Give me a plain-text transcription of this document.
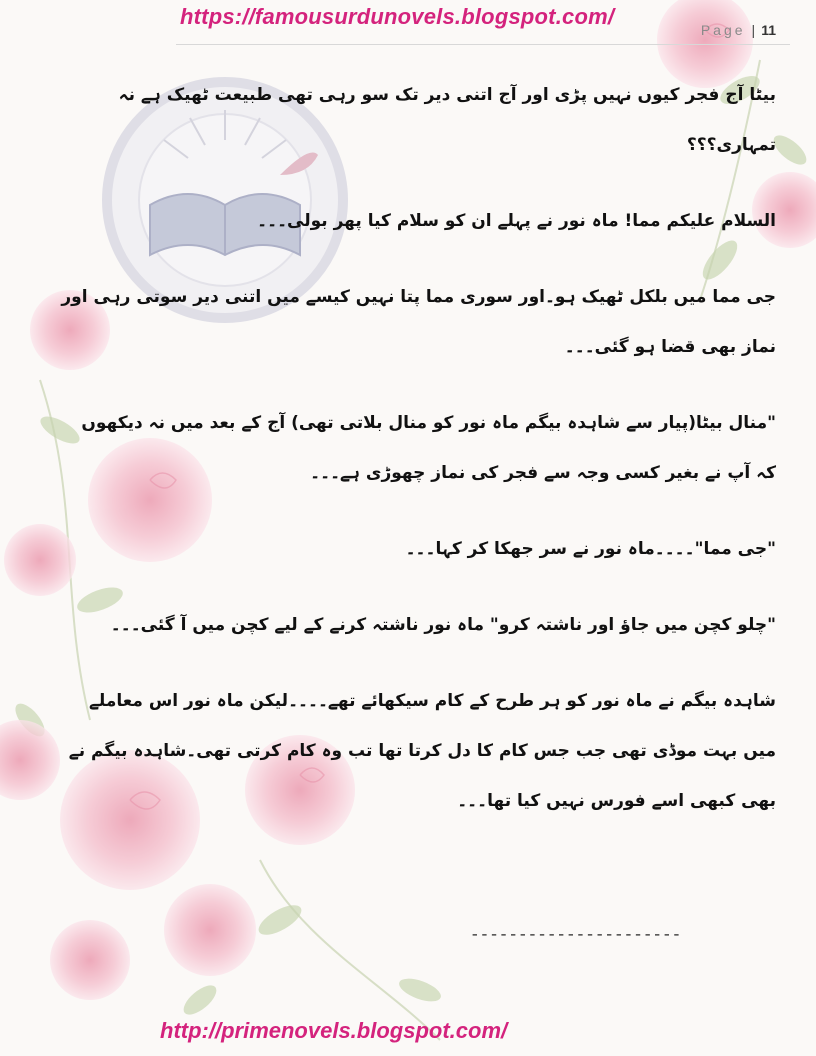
https://famousurdunovels.blogspot.com/
Page | 11

بیٹا آج فجر کیوں نہیں پڑی اور آج اتنی دیر تک سو رہی تھی طبیعت ٹھیک ہے نہ تمہاری؟؟؟

السلام علیکم مما! ماہ نور نے پہلے ان کو سلام کیا پھر بولی۔۔۔

جی مما میں بلکل ٹھیک ہو۔اور سوری مما پتا نہیں کیسے میں اتنی دیر سوتی رہی اور نماز بھی قضا ہو گئی۔۔۔

"منال بیٹا(پیار سے شاہدہ بیگم ماہ نور کو منال بلاتی تھی) آج کے بعد میں نہ دیکھوں کہ آپ نے بغیر کسی وجہ سے فجر کی نماز چھوڑی ہے۔۔۔

"جی مما"۔۔۔۔ماہ نور نے سر جھکا کر کہا۔۔۔

"چلو کچن میں جاؤ اور ناشتہ کرو" ماہ نور ناشتہ کرنے کے لیے کچن میں آ گئی۔۔۔

شاہدہ بیگم نے ماہ نور کو ہر طرح کے کام سیکھائے تھے۔۔۔۔لیکن ماہ نور اس معاملے میں بہت موڈی تھی جب جس کام کا دل کرتا تھا تب وہ کام کرتی تھی۔شاہدہ بیگم نے بھی کبھی اسے فورس نہیں کیا تھا۔۔۔

----------------------
http://primenovels.blogspot.com/
